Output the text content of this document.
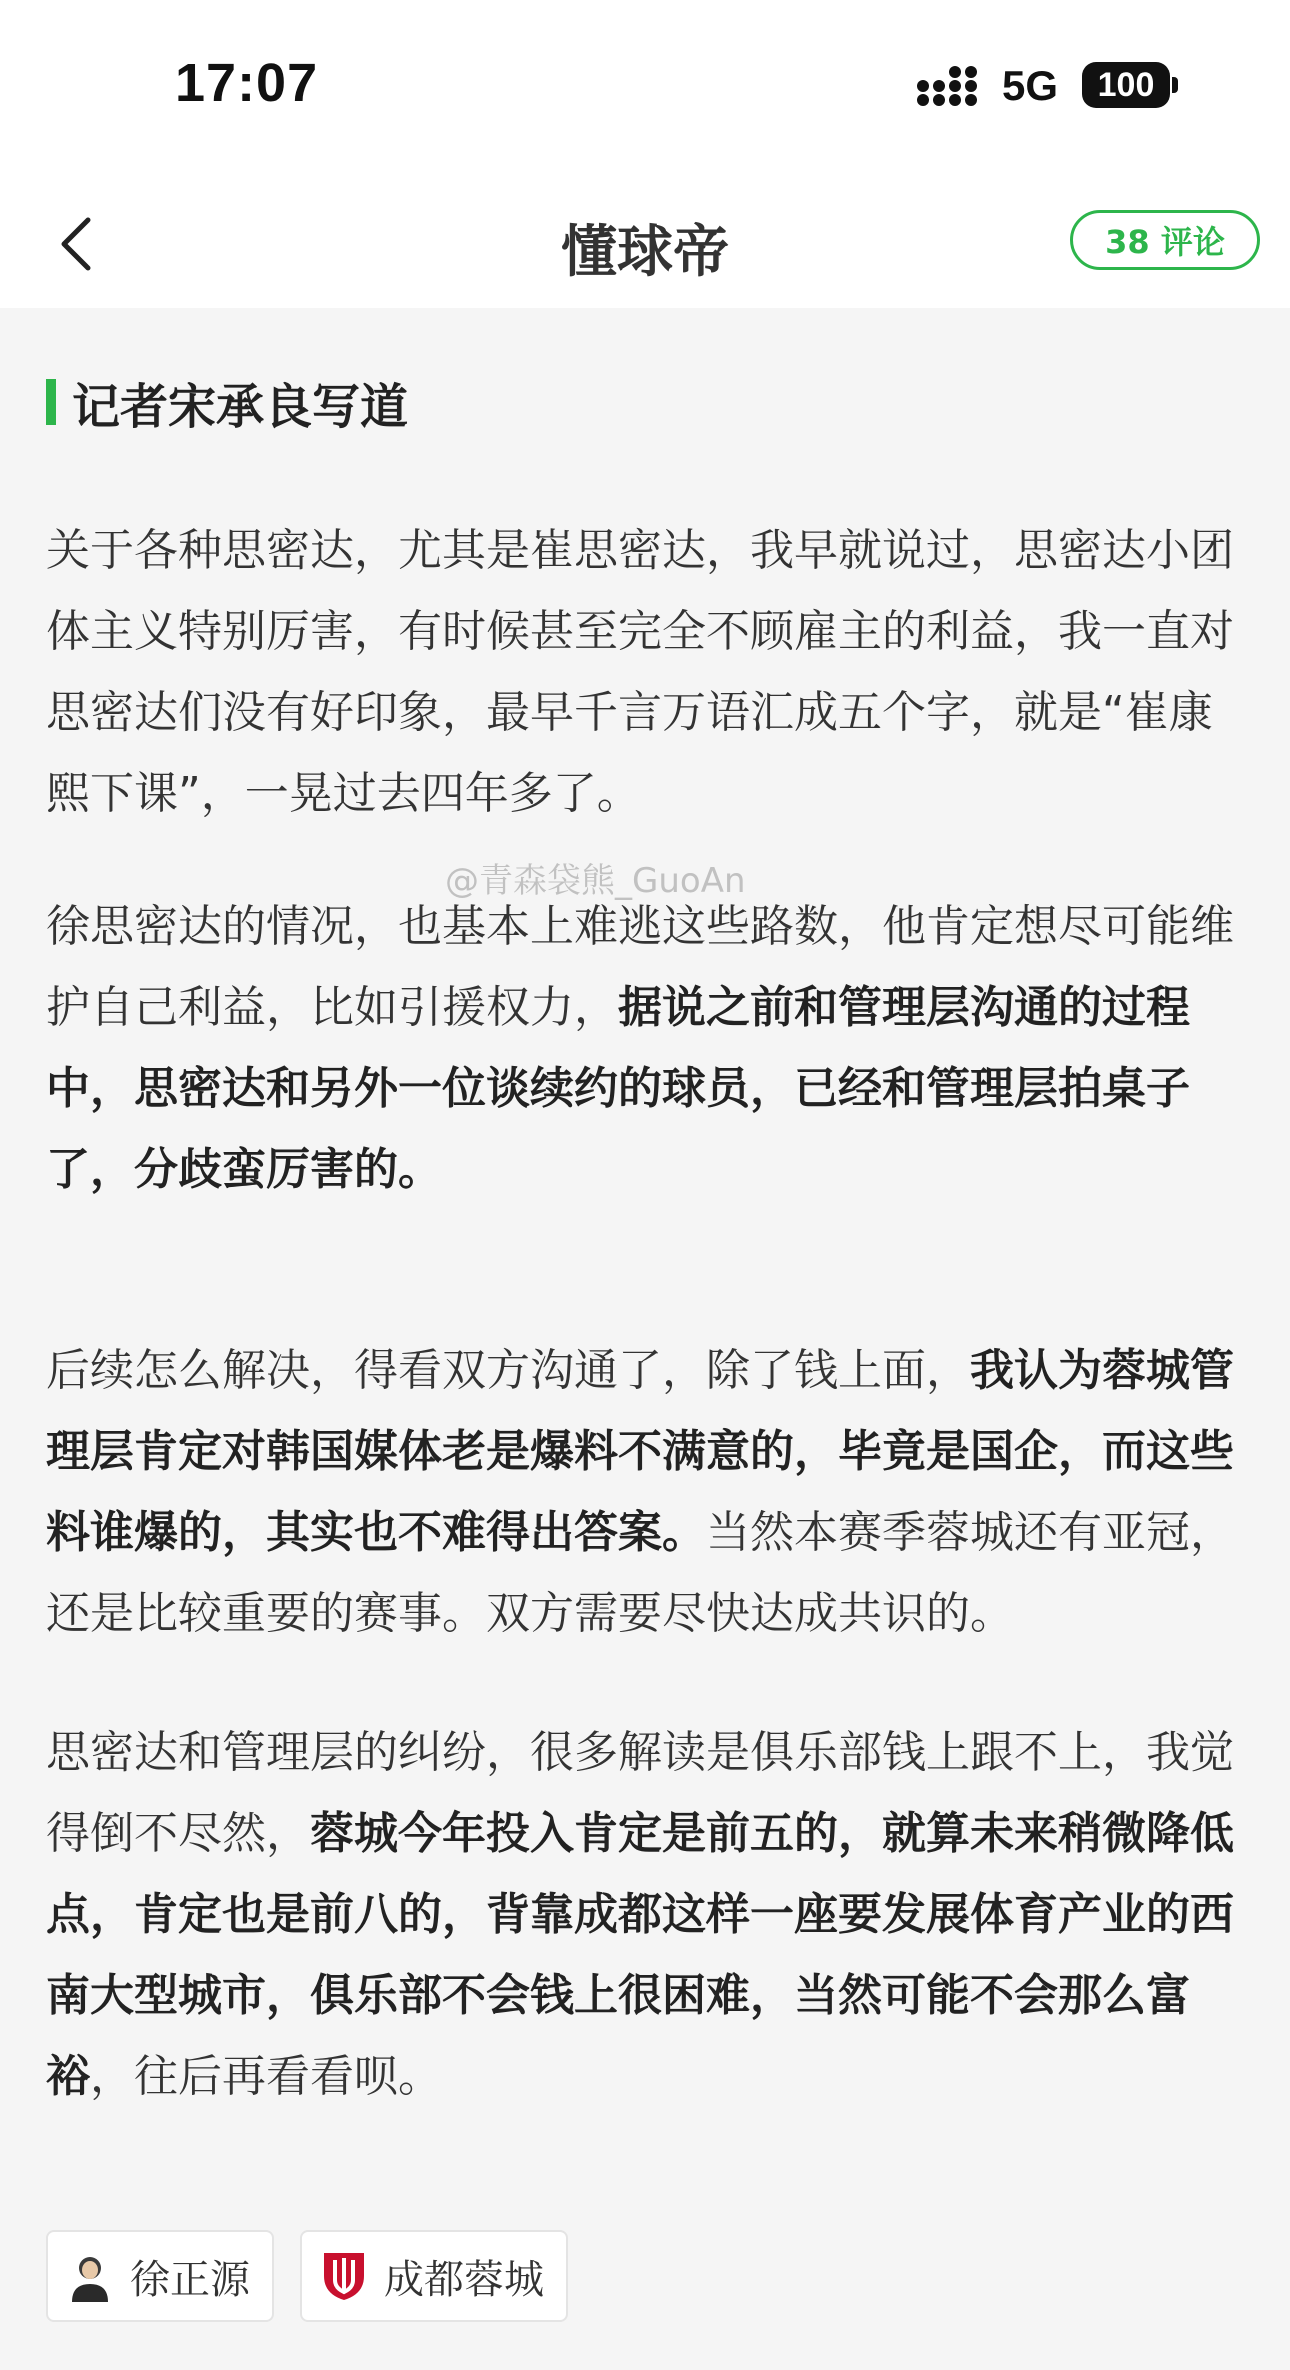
17:07	5G	100
懂球帝	38 评论
记者宋承良写道
关于各种思密达，尤其是崔思密达，我早就说过，思密达小团体主义特别厉害，有时候甚至完全不顾雇主的利益，我一直对思密达们没有好印象，最早千言万语汇成五个字，就是“崔康熙下课”，一晃过去四年多了。
徐思密达的情况，也基本上难逃这些路数，他肯定想尽可能维护自己利益，比如引援权力，据说之前和管理层沟通的过程中，思密达和另外一位谈续约的球员，已经和管理层拍桌子了，分歧蛮厉害的。
后续怎么解决，得看双方沟通了，除了钱上面，我认为蓉城管理层肯定对韩国媒体老是爆料不满意的，毕竟是国企，而这些料谁爆的，其实也不难得出答案。当然本赛季蓉城还有亚冠，还是比较重要的赛事。双方需要尽快达成共识的。
思密达和管理层的纠纷，很多解读是俱乐部钱上跟不上，我觉得倒不尽然，蓉城今年投入肯定是前五的，就算未来稍微降低点，肯定也是前八的，背靠成都这样一座要发展体育产业的西南大型城市，俱乐部不会钱上很困难，当然可能不会那么富裕，往后再看看呗。
@青森袋熊_GuoAn
徐正源	成都蓉城
